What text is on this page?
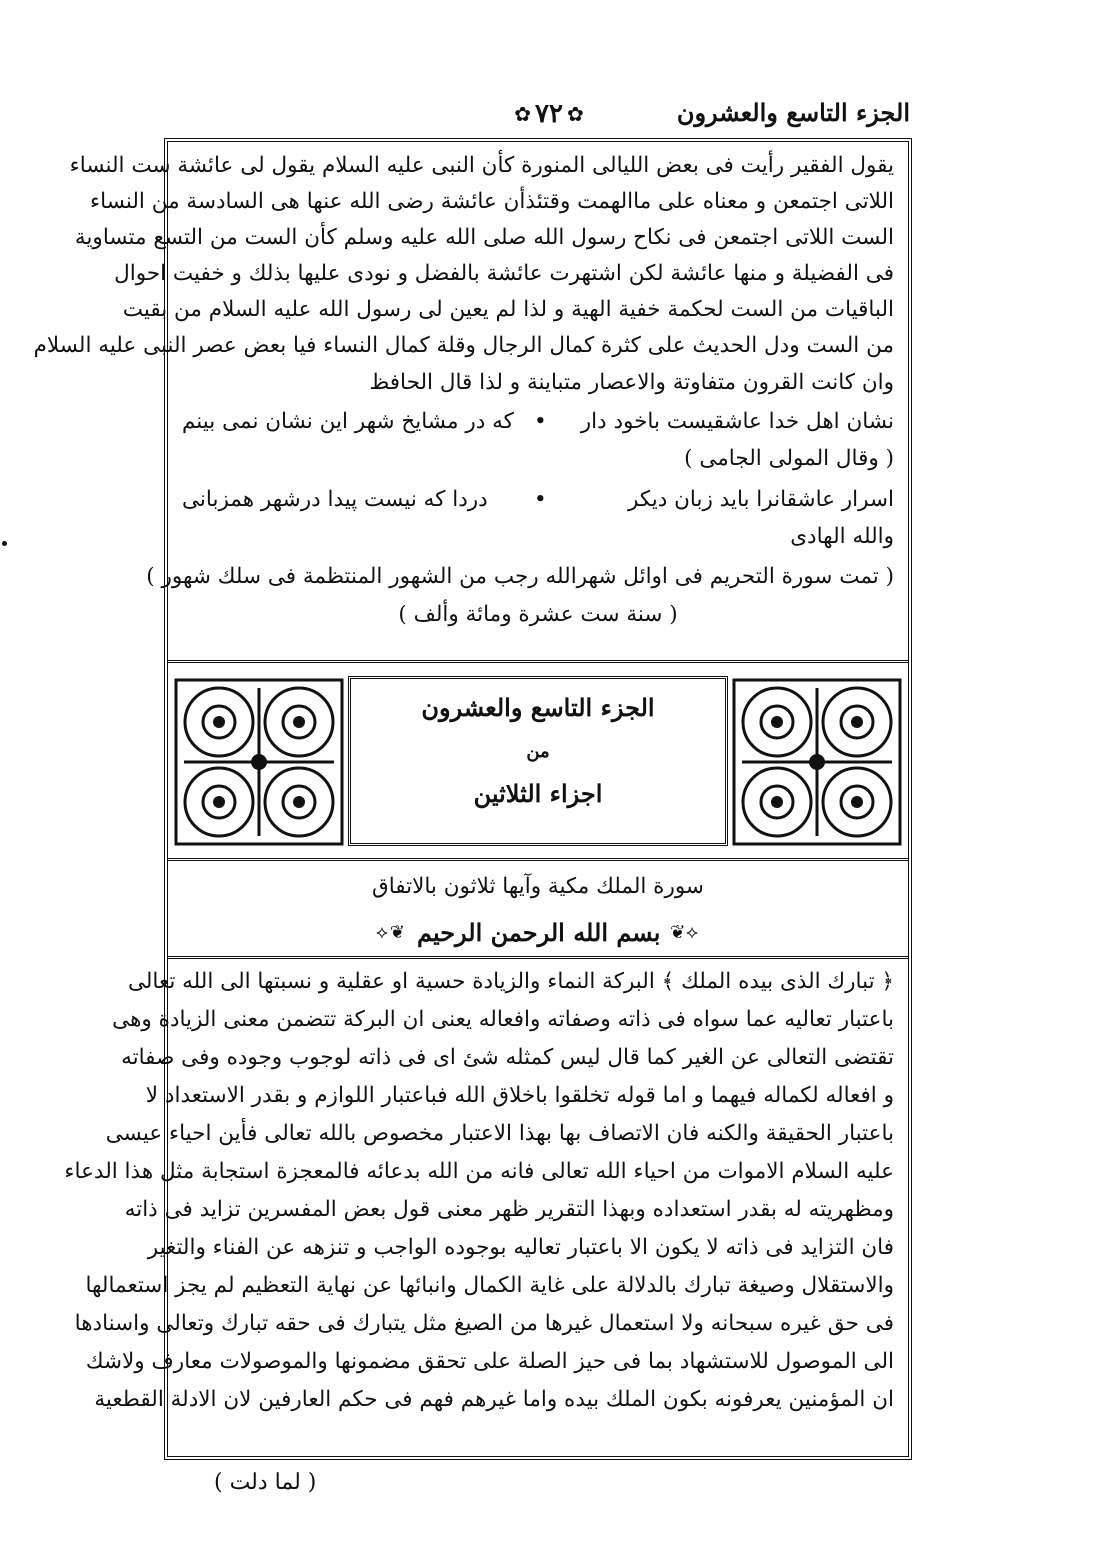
الجزء التاسع والعشرون
✿ ٧٢ ✿
يقول الفقير رأيت فى بعض الليالى المنورة كأن النبى عليه السلام يقول لى عائشة ست النساء
اللاتى اجتمعن و معناه على ماالهمت وقتئذأن عائشة رضى الله عنها هى السادسة من النساء
الست اللاتى اجتمعن فى نكاح رسول الله صلى الله عليه وسلم كأن الست من التسع متساوية
فى الفضيلة و منها عائشة لكن اشتهرت عائشة بالفضل و نودى عليها بذلك و خفيت احوال
الباقيات من الست لحكمة خفية الهية و لذا لم يعين لى رسول الله عليه السلام من بقيت
من الست ودل الحديث على كثرة كمال الرجال وقلة كمال النساء فيا بعض عصر النبى عليه السلام
وان كانت القرون متفاوتة والاعصار متباينة و لذا قال الحافظ
نشان اهل خدا عاشقيست باخود دار
•
كه در مشايخ شهر اين نشان نمى بينم
( وقال المولى الجامى )
اسرار عاشقانرا بايد زبان ديكر
•
دردا كه نيست پيدا درشهر همزبانى
والله الهادى
( تمت سورة التحريم فى اوائل شهرالله رجب من الشهور المنتظمة فى سلك شهور )
( سنة ست عشرة ومائة وألف )
الجزء التاسع والعشرون
من
اجزاء الثلاثين
سورة الملك مكية وآيها ثلاثون بالاتفاق
⟡❦
بسم الله الرحمن الرحيم
❦⟡
﴿ تبارك الذى بيده الملك ﴾ البركة النماء والزيادة حسية او عقلية و نسبتها الى الله تعالى
باعتبار تعاليه عما سواه فى ذاته وصفاته وافعاله يعنى ان البركة تتضمن معنى الزيادة وهى
تقتضى التعالى عن الغير كما قال ليس كمثله شئ اى فى ذاته لوجوب وجوده وفى صفاته
و افعاله لكماله فيهما و اما قوله تخلقوا باخلاق الله فباعتبار اللوازم و بقدر الاستعداد لا
باعتبار الحقيقة والكنه فان الاتصاف بها بهذا الاعتبار مخصوص بالله تعالى فأين احياء عيسى
عليه السلام الاموات من احياء الله تعالى فانه من الله بدعائه فالمعجزة استجابة مثل هذا الدعاء
ومظهريته له بقدر استعداده وبهذا التقرير ظهر معنى قول بعض المفسرين تزايد فى ذاته
فان التزايد فى ذاته لا يكون الا باعتبار تعاليه بوجوده الواجب و تنزهه عن الفناء والتغير
والاستقلال وصيغة تبارك بالدلالة على غاية الكمال وانبائها عن نهاية التعظيم لم يجز استعمالها
فى حق غيره سبحانه ولا استعمال غيرها من الصيغ مثل يتبارك فى حقه تبارك وتعالى واسنادها
الى الموصول للاستشهاد بما فى حيز الصلة على تحقق مضمونها والموصولات معارف ولاشك
ان المؤمنين يعرفونه بكون الملك بيده واما غيرهم فهم فى حكم العارفين لان الادلة القطعية
( لما دلت )
